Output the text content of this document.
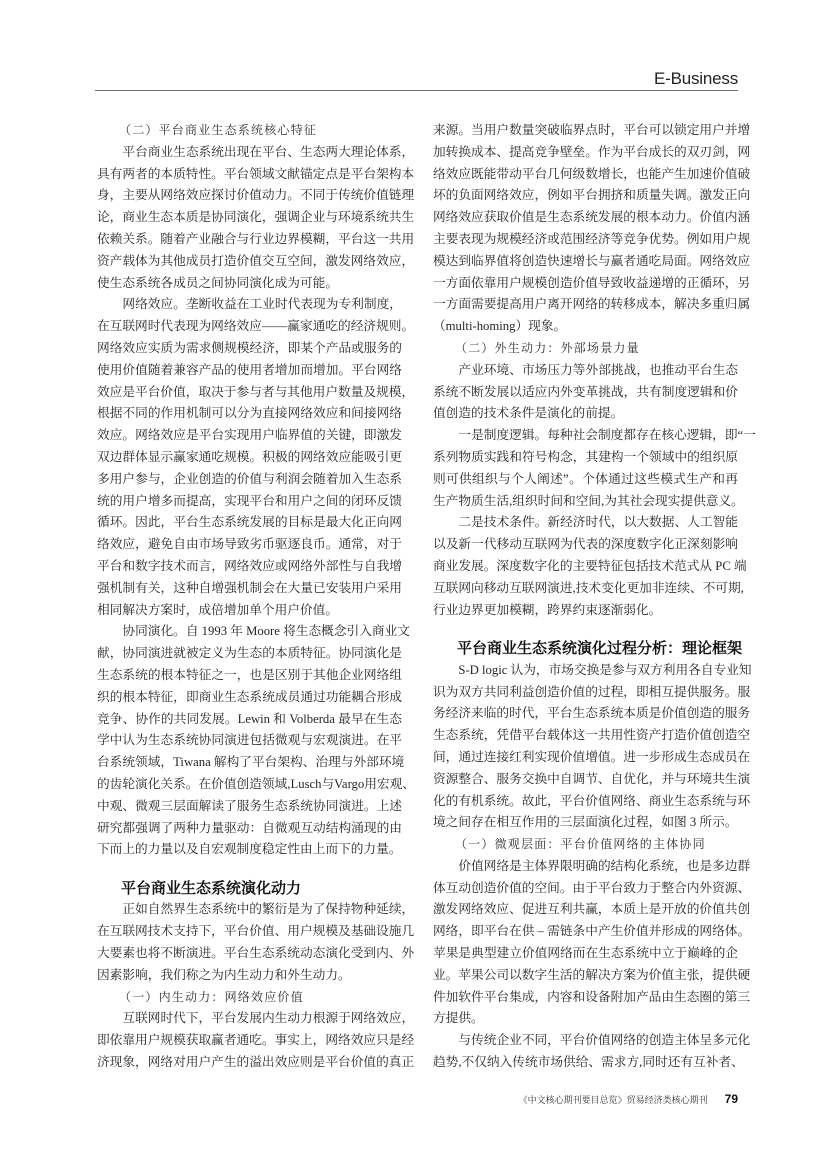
E-Business
（二）平台商业生态系统核心特征
平台商业生态系统出现在平台、生态两大理论体系，
具有两者的本质特性。平台领域文献锚定点是平台架构本
身，主要从网络效应探讨价值动力。不同于传统价值链理
论，商业生态本质是协同演化，强调企业与环境系统共生
依赖关系。随着产业融合与行业边界模糊，平台这一共用
资产载体为其他成员打造价值交互空间，激发网络效应，
使生态系统各成员之间协同演化成为可能。
网络效应。垄断收益在工业时代表现为专利制度，
在互联网时代表现为网络效应——赢家通吃的经济规则。
网络效应实质为需求侧规模经济，即某个产品或服务的
使用价值随着兼容产品的使用者增加而增加。平台网络
效应是平台价值，取决于参与者与其他用户数量及规模，
根据不同的作用机制可以分为直接网络效应和间接网络
效应。网络效应是平台实现用户临界值的关键，即激发
双边群体显示赢家通吃规模。积极的网络效应能吸引更
多用户参与，企业创造的价值与利润会随着加入生态系
统的用户增多而提高，实现平台和用户之间的闭环反馈
循环。因此，平台生态系统发展的目标是最大化正向网
络效应，避免自由市场导致劣币驱逐良币。通常，对于
平台和数字技术而言，网络效应或网络外部性与自我增
强机制有关，这种自增强机制会在大量已安装用户采用
相同解决方案时，成倍增加单个用户价值。
协同演化。自 1993 年 Moore 将生态概念引入商业文
献，协同演进就被定义为生态的本质特征。协同演化是
生态系统的根本特征之一，也是区别于其他企业网络组
织的根本特征，即商业生态系统成员通过功能耦合形成
竞争、协作的共同发展。Lewin 和 Volberda 最早在生态
学中认为生态系统协同演进包括微观与宏观演进。在平
台系统领域，Tiwana 解构了平台架构、治理与外部环境
的齿轮演化关系。在价值创造领域,Lusch与Vargo用宏观、
中观、微观三层面解读了服务生态系统协同演进。上述
研究都强调了两种力量驱动：自微观互动结构涌现的由
下而上的力量以及自宏观制度稳定性由上而下的力量。
平台商业生态系统演化动力
正如自然界生态系统中的繁衍是为了保持物种延续，
在互联网技术支持下，平台价值、用户规模及基础设施几
大要素也将不断演进。平台生态系统动态演化受到内、外
因素影响，我们称之为内生动力和外生动力。
（一）内生动力：网络效应价值
互联网时代下，平台发展内生动力根源于网络效应，
即依靠用户规模获取赢者通吃。事实上，网络效应只是经
济现象，网络对用户产生的溢出效应则是平台价值的真正
来源。当用户数量突破临界点时，平台可以锁定用户并增
加转换成本、提高竞争壁垒。作为平台成长的双刃剑，网
络效应既能带动平台几何级数增长，也能产生加速价值破
坏的负面网络效应，例如平台拥挤和质量失调。激发正向
网络效应获取价值是生态系统发展的根本动力。价值内涵
主要表现为规模经济或范围经济等竞争优势。例如用户规
模达到临界值将创造快速增长与赢者通吃局面。网络效应
一方面依靠用户规模创造价值导致收益递增的正循环，另
一方面需要提高用户离开网络的转移成本，解决多重归属
（multi-homing）现象。
（二）外生动力：外部场景力量
产业环境、市场压力等外部挑战，也推动平台生态
系统不断发展以适应内外变革挑战，共有制度逻辑和价
值创造的技术条件是演化的前提。
一是制度逻辑。每种社会制度都存在核心逻辑，即“一
系列物质实践和符号构念，其建构一个领域中的组织原
则可供组织与个人阐述”。个体通过这些模式生产和再
生产物质生活,组织时间和空间,为其社会现实提供意义。
二是技术条件。新经济时代，以大数据、人工智能
以及新一代移动互联网为代表的深度数字化正深刻影响
商业发展。深度数字化的主要特征包括技术范式从 PC 端
互联网向移动互联网演进,技术变化更加非连续、不可期,
行业边界更加模糊，跨界约束逐渐弱化。
平台商业生态系统演化过程分析：理论框架
S-D logic 认为，市场交换是参与双方利用各自专业知
识为双方共同利益创造价值的过程，即相互提供服务。服
务经济来临的时代，平台生态系统本质是价值创造的服务
生态系统，凭借平台载体这一共用性资产打造价值创造空
间，通过连接红利实现价值增值。进一步形成生态成员在
资源整合、服务交换中自调节、自优化，并与环境共生演
化的有机系统。故此，平台价值网络、商业生态系统与环
境之间存在相互作用的三层面演化过程，如图 3 所示。
（一）微观层面：平台价值网络的主体协同
价值网络是主体界限明确的结构化系统，也是多边群
体互动创造价值的空间。由于平台致力于整合内外资源、
激发网络效应、促进互利共赢，本质上是开放的价值共创
网络，即平台在供 – 需链条中产生价值并形成的网络体。
苹果是典型建立价值网络而在生态系统中立于巅峰的企
业。苹果公司以数字生活的解决方案为价值主张，提供硬
件加软件平台集成，内容和设备附加产品由生态圈的第三
方提供。
与传统企业不同，平台价值网络的创造主体呈多元化
趋势,不仅纳入传统市场供给、需求方,同时还有互补者、
《中文核心期刊要目总览》贸易经济类核心期刊 79
